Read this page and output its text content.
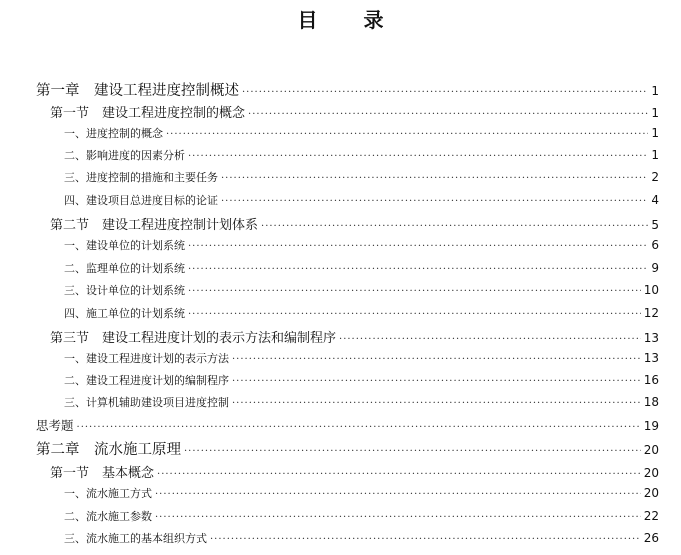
目 录
第一章　建设工程进度控制概述 ·····	1
第一节　建设工程进度控制的概念 ·····	1
一、进度控制的概念 ·····	1
二、影响进度的因素分析 ·····	1
三、进度控制的措施和主要任务 ·····	2
四、建设项目总进度目标的论证 ·····	4
第二节　建设工程进度控制计划体系 ·····	5
一、建设单位的计划系统 ·····	6
二、监理单位的计划系统 ·····	9
三、设计单位的计划系统 ·····	10
四、施工单位的计划系统 ·····	12
第三节　建设工程进度计划的表示方法和编制程序 ·····	13
一、建设工程进度计划的表示方法 ·····	13
二、建设工程进度计划的编制程序 ·····	16
三、计算机辅助建设项目进度控制 ·····	18
思考题 ·····	19
第二章　流水施工原理 ·····	20
第一节　基本概念 ·····	20
一、流水施工方式 ·····	20
二、流水施工参数 ·····	22
三、流水施工的基本组织方式 ·····	26
